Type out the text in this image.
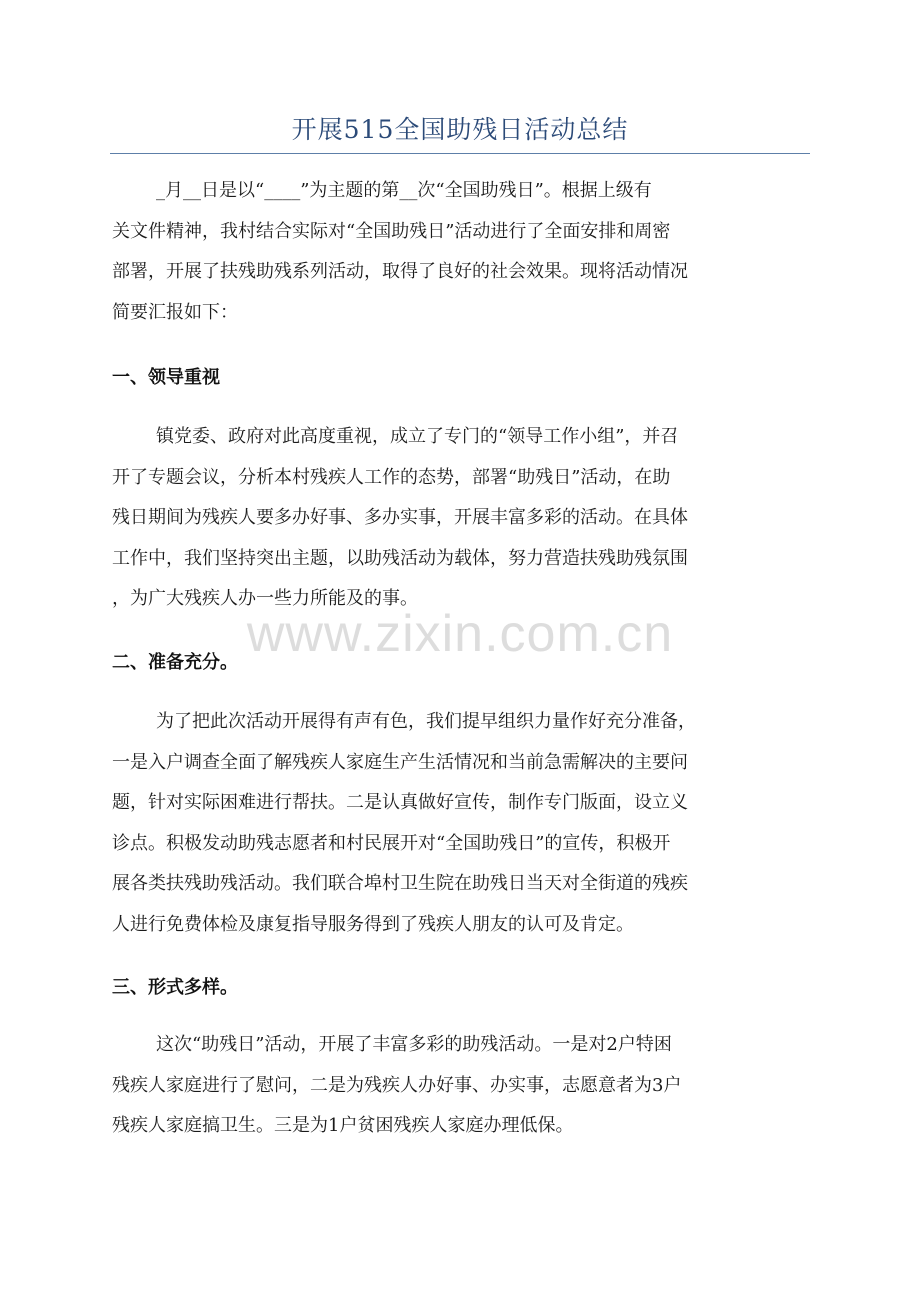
开展515全国助残日活动总结
_月__日是以“____”为主题的第__次“全国助残日”。根据上级有
关文件精神，我村结合实际对“全国助残日”活动进行了全面安排和周密
部署，开展了扶残助残系列活动，取得了良好的社会效果。现将活动情况
简要汇报如下：
一、领导重视
镇党委、政府对此高度重视，成立了专门的“领导工作小组”，并召
开了专题会议，分析本村残疾人工作的态势，部署“助残日”活动，在助
残日期间为残疾人要多办好事、多办实事，开展丰富多彩的活动。在具体
工作中，我们坚持突出主题，以助残活动为载体，努力营造扶残助残氛围
，为广大残疾人办一些力所能及的事。
二、准备充分。
为了把此次活动开展得有声有色，我们提早组织力量作好充分准备，
一是入户调查全面了解残疾人家庭生产生活情况和当前急需解决的主要问
题，针对实际困难进行帮扶。二是认真做好宣传，制作专门版面，设立义
诊点。积极发动助残志愿者和村民展开对“全国助残日”的宣传，积极开
展各类扶残助残活动。我们联合埠村卫生院在助残日当天对全街道的残疾
人进行免费体检及康复指导服务得到了残疾人朋友的认可及肯定。
三、形式多样。
这次“助残日”活动，开展了丰富多彩的助残活动。一是对2户特困
残疾人家庭进行了慰问，二是为残疾人办好事、办实事，志愿意者为3户
残疾人家庭搞卫生。三是为1户贫困残疾人家庭办理低保。
www.zixin.com.cn
